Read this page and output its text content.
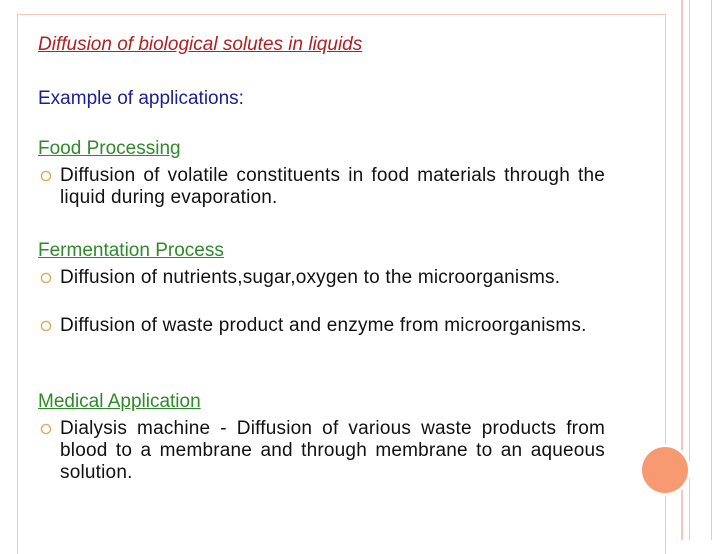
Diffusion of biological solutes in liquids
Example of applications:
Food Processing
Diffusion of volatile constituents in food materials through the liquid during evaporation.
Fermentation Process
Diffusion of nutrients,sugar,oxygen to the microorganisms.
Diffusion of waste product and enzyme from microorganisms.
Medical Application
Dialysis machine - Diffusion of various waste products from blood to a membrane and through membrane to an aqueous solution.
